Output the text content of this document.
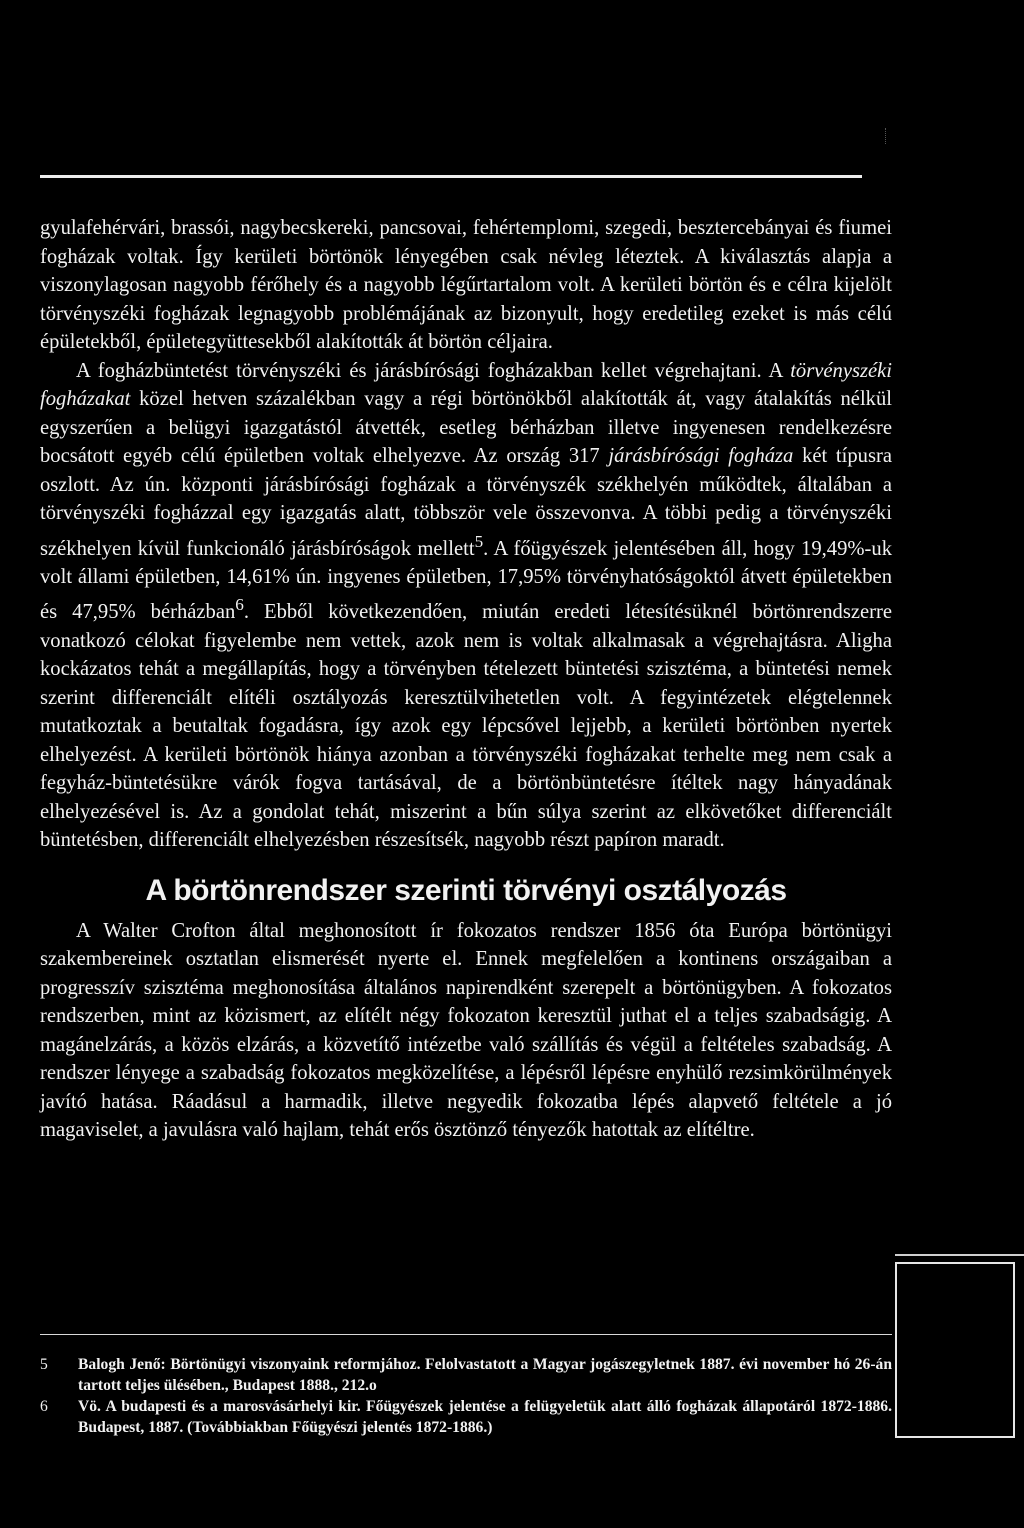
gyulafehérvári, brassói, nagybecskereki, pancsovai, fehértemplomi, szegedi, besztercebányai és fiumei fogházak voltak. Így kerületi börtönök lényegében csak névleg léteztek. A kiválasztás alapja a viszonylagosan nagyobb férőhely és a nagyobb légűrtartalom volt. A kerületi börtön és e célra kijelölt törvényszéki fogházak legnagyobb problémájának az bizonyult, hogy eredetileg ezeket is más célú épületekből, épületegyüttesekből alakították át börtön céljaira.

A fogházbüntetést törvényszéki és járásbírósági fogházakban kellet végrehajtani. A törvényszéki fogházakat közel hetven százalékban vagy a régi börtönökből alakították át, vagy átalakítás nélkül egyszerűen a belügyi igazgatástól átvették, esetleg bérházban illetve ingyenesen rendelkezésre bocsátott egyéb célú épületben voltak elhelyezve. Az ország 317 járásbírósági fogháza két típusra oszlott. Az ún. központi járásbírósági fogházak a törvényszék székhelyén működtek, általában a törvényszéki fogházzal egy igazgatás alatt, többször vele összevonva. A többi pedig a törvényszéki székhelyen kívül funkcionáló járásbíróságok mellett$^5$. A főügyészek jelentésében áll, hogy 19,49%-uk volt állami épületben, 14,61% ún. ingyenes épületben, 17,95% törvényhatóságoktól átvett épületekben és 47,95% bérházban$^6$. Ebből következendően, miután eredeti létesítésüknél börtönrendszerre vonatkozó célokat figyelembe nem vettek, azok nem is voltak alkalmasak a végrehajtásra. Aligha kockázatos tehát a megállapítás, hogy a törvényben tételezett büntetési szisztéma, a büntetési nemek szerint differenciált elítéli osztályozás keresztülvihetetlen volt. A fegyintézetek elégtelennek mutatkoztak a beutaltak fogadásra, így azok egy lépcsővel lejjebb, a kerületi börtönben nyertek elhelyezést. A kerületi börtönök hiánya azonban a törvényszéki fogházakat terhelte meg nem csak a fegyház-büntetésükre várók fogva tartásával, de a börtönbüntetésre ítéltek nagy hányadának elhelyezésével is. Az a gondolat tehát, miszerint a bűn súlya szerint az elkövetőket differenciált büntetésben, differenciált elhelyezésben részesítsék, nagyobb részt papíron maradt.

A börtönrendszer szerinti törvényi osztályozás

A Walter Crofton által meghonosított ír fokozatos rendszer 1856 óta Európa börtönügyi szakembereinek osztatlan elismerését nyerte el. Ennek megfelelően a kontinens országaiban a progresszív szisztéma meghonosítása általános napirendként szerepelt a börtönügyben. A fokozatos rendszerben, mint az közismert, az elítélt négy fokozaton keresztül juthat el a teljes szabadságig. A magánelzárás, a közös elzárás, a közvetítő intézetbe való szállítás és végül a feltételes szabadság. A rendszer lényege a szabadság fokozatos megközelítése, a lépésről lépésre enyhülő rezsimkörülmények javító hatása. Ráadásul a harmadik, illetve negyedik fokozatba lépés alapvető feltétele a jó magaviselet, a javulásra való hajlam, tehát erős ösztönző tényezők hatottak az elítéltre.

5	Balogh Jenő: Börtönügyi viszonyaink reformjához. Felolvastatott a Magyar jogászegyletnek 1887. évi november hó 26-án tartott teljes ülésében., Budapest 1888., 212.o
6	Vö. A budapesti és a marosvásárhelyi kir. Főügyészek jelentése a felügyeletük alatt álló fogházak állapotáról 1872-1886. Budapest, 1887. (Továbbiakban Főügyészi jelentés 1872-1886.)
